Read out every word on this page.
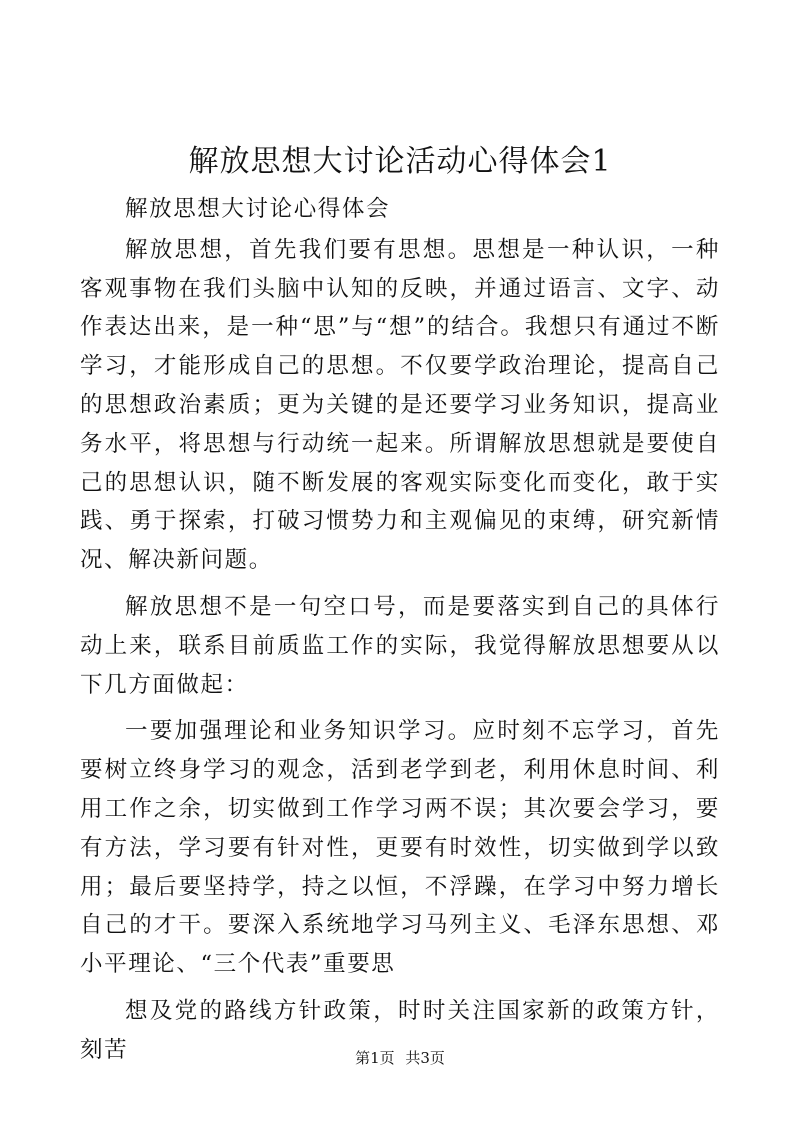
解放思想大讨论活动心得体会1

解放思想大讨论心得体会

解放思想，首先我们要有思想。思想是一种认识，一种客观事物在我们头脑中认知的反映，并通过语言、文字、动作表达出来，是一种“思”与“想”的结合。我想只有通过不断学习，才能形成自己的思想。不仅要学政治理论，提高自己的思想政治素质；更为关键的是还要学习业务知识，提高业务水平，将思想与行动统一起来。所谓解放思想就是要使自己的思想认识，随不断发展的客观实际变化而变化，敢于实践、勇于探索，打破习惯势力和主观偏见的束缚，研究新情况、解决新问题。

解放思想不是一句空口号，而是要落实到自己的具体行动上来，联系目前质监工作的实际，我觉得解放思想要从以下几方面做起：

一要加强理论和业务知识学习。应时刻不忘学习，首先要树立终身学习的观念，活到老学到老，利用休息时间、利用工作之余，切实做到工作学习两不误；其次要会学习，要有方法，学习要有针对性，更要有时效性，切实做到学以致用；最后要坚持学，持之以恒，不浮躁，在学习中努力增长自己的才干。要深入系统地学习马列主义、毛泽东思想、邓小平理论、“三个代表”重要思

想及党的路线方针政策，时时关注国家新的政策方针，刻苦	第1页 共3页
